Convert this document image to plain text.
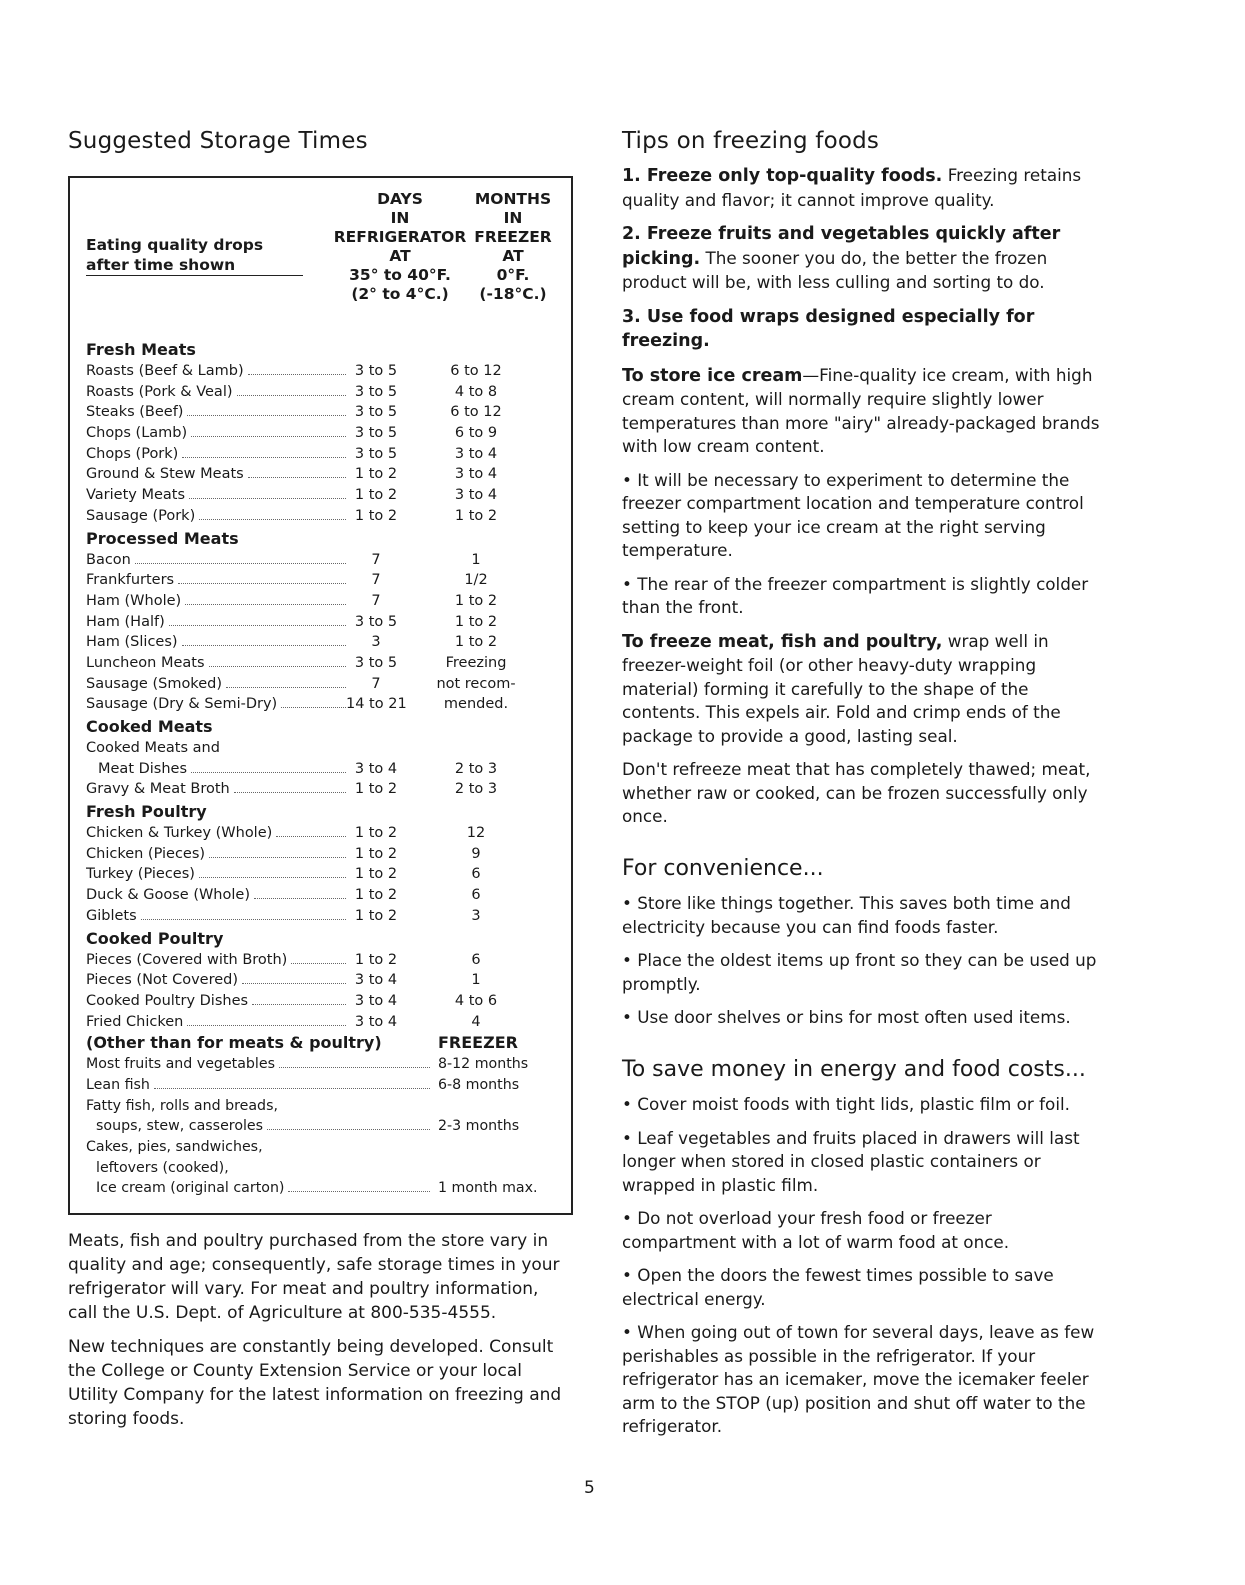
Suggested Storage Times
DAYS
IN
REFRIGERATOR
AT
35° to 40°F.
(2° to 4°C.)
MONTHS
IN
FREEZER
AT
0°F.
(-18°C.)
Eating quality drops
after time shown
Fresh Meats
Roasts (Beef & Lamb)	3 to 5	6 to 12
Roasts (Pork & Veal)	3 to 5	4 to 8
Steaks (Beef)	3 to 5	6 to 12
Chops (Lamb)	3 to 5	6 to 9
Chops (Pork)	3 to 5	3 to 4
Ground & Stew Meats	1 to 2	3 to 4
Variety Meats	1 to 2	3 to 4
Sausage (Pork)	1 to 2	1 to 2
Processed Meats
Bacon	7	1
Frankfurters	7	1/2
Ham (Whole)	7	1 to 2
Ham (Half)	3 to 5	1 to 2
Ham (Slices)	3	1 to 2
Luncheon Meats	3 to 5	Freezing
Sausage (Smoked)	7	not recom-
Sausage (Dry & Semi-Dry)	14 to 21	mended.
Cooked Meats
Cooked Meats and
Meat Dishes	3 to 4	2 to 3
Gravy & Meat Broth	1 to 2	2 to 3
Fresh Poultry
Chicken & Turkey (Whole)	1 to 2	12
Chicken (Pieces)	1 to 2	9
Turkey (Pieces)	1 to 2	6
Duck & Goose (Whole)	1 to 2	6
Giblets	1 to 2	3
Cooked Poultry
Pieces (Covered with Broth)	1 to 2	6
Pieces (Not Covered)	3 to 4	1
Cooked Poultry Dishes	3 to 4	4 to 6
Fried Chicken	3 to 4	4
(Other than for meats & poultry)	FREEZER
Most fruits and vegetables	8-12 months
Lean fish	6-8 months
Fatty fish, rolls and breads,
soups, stew, casseroles	2-3 months
Cakes, pies, sandwiches,
leftovers (cooked),
Ice cream (original carton)	1 month max.

Meats, fish and poultry purchased from the store vary in quality and age; consequently, safe storage times in your refrigerator will vary. For meat and poultry information, call the U.S. Dept. of Agriculture at 800-535-4555.

New techniques are constantly being developed. Consult the College or County Extension Service or your local Utility Company for the latest information on freezing and storing foods.

Tips on freezing foods

1. Freeze only top-quality foods. Freezing retains quality and flavor; it cannot improve quality.

2. Freeze fruits and vegetables quickly after picking. The sooner you do, the better the frozen product will be, with less culling and sorting to do.

3. Use food wraps designed especially for freezing.

To store ice cream—Fine-quality ice cream, with high cream content, will normally require slightly lower temperatures than more "airy" already-packaged brands with low cream content.

• It will be necessary to experiment to determine the freezer compartment location and temperature control setting to keep your ice cream at the right serving temperature.

• The rear of the freezer compartment is slightly colder than the front.

To freeze meat, fish and poultry, wrap well in freezer-weight foil (or other heavy-duty wrapping material) forming it carefully to the shape of the contents. This expels air. Fold and crimp ends of the package to provide a good, lasting seal.

Don't refreeze meat that has completely thawed; meat, whether raw or cooked, can be frozen successfully only once.

For convenience...

• Store like things together. This saves both time and electricity because you can find foods faster.

• Place the oldest items up front so they can be used up promptly.

• Use door shelves or bins for most often used items.

To save money in energy and food costs...

• Cover moist foods with tight lids, plastic film or foil.

• Leaf vegetables and fruits placed in drawers will last longer when stored in closed plastic containers or wrapped in plastic film.

• Do not overload your fresh food or freezer compartment with a lot of warm food at once.

• Open the doors the fewest times possible to save electrical energy.

• When going out of town for several days, leave as few perishables as possible in the refrigerator. If your refrigerator has an icemaker, move the icemaker feeler arm to the STOP (up) position and shut off water to the refrigerator.

5
